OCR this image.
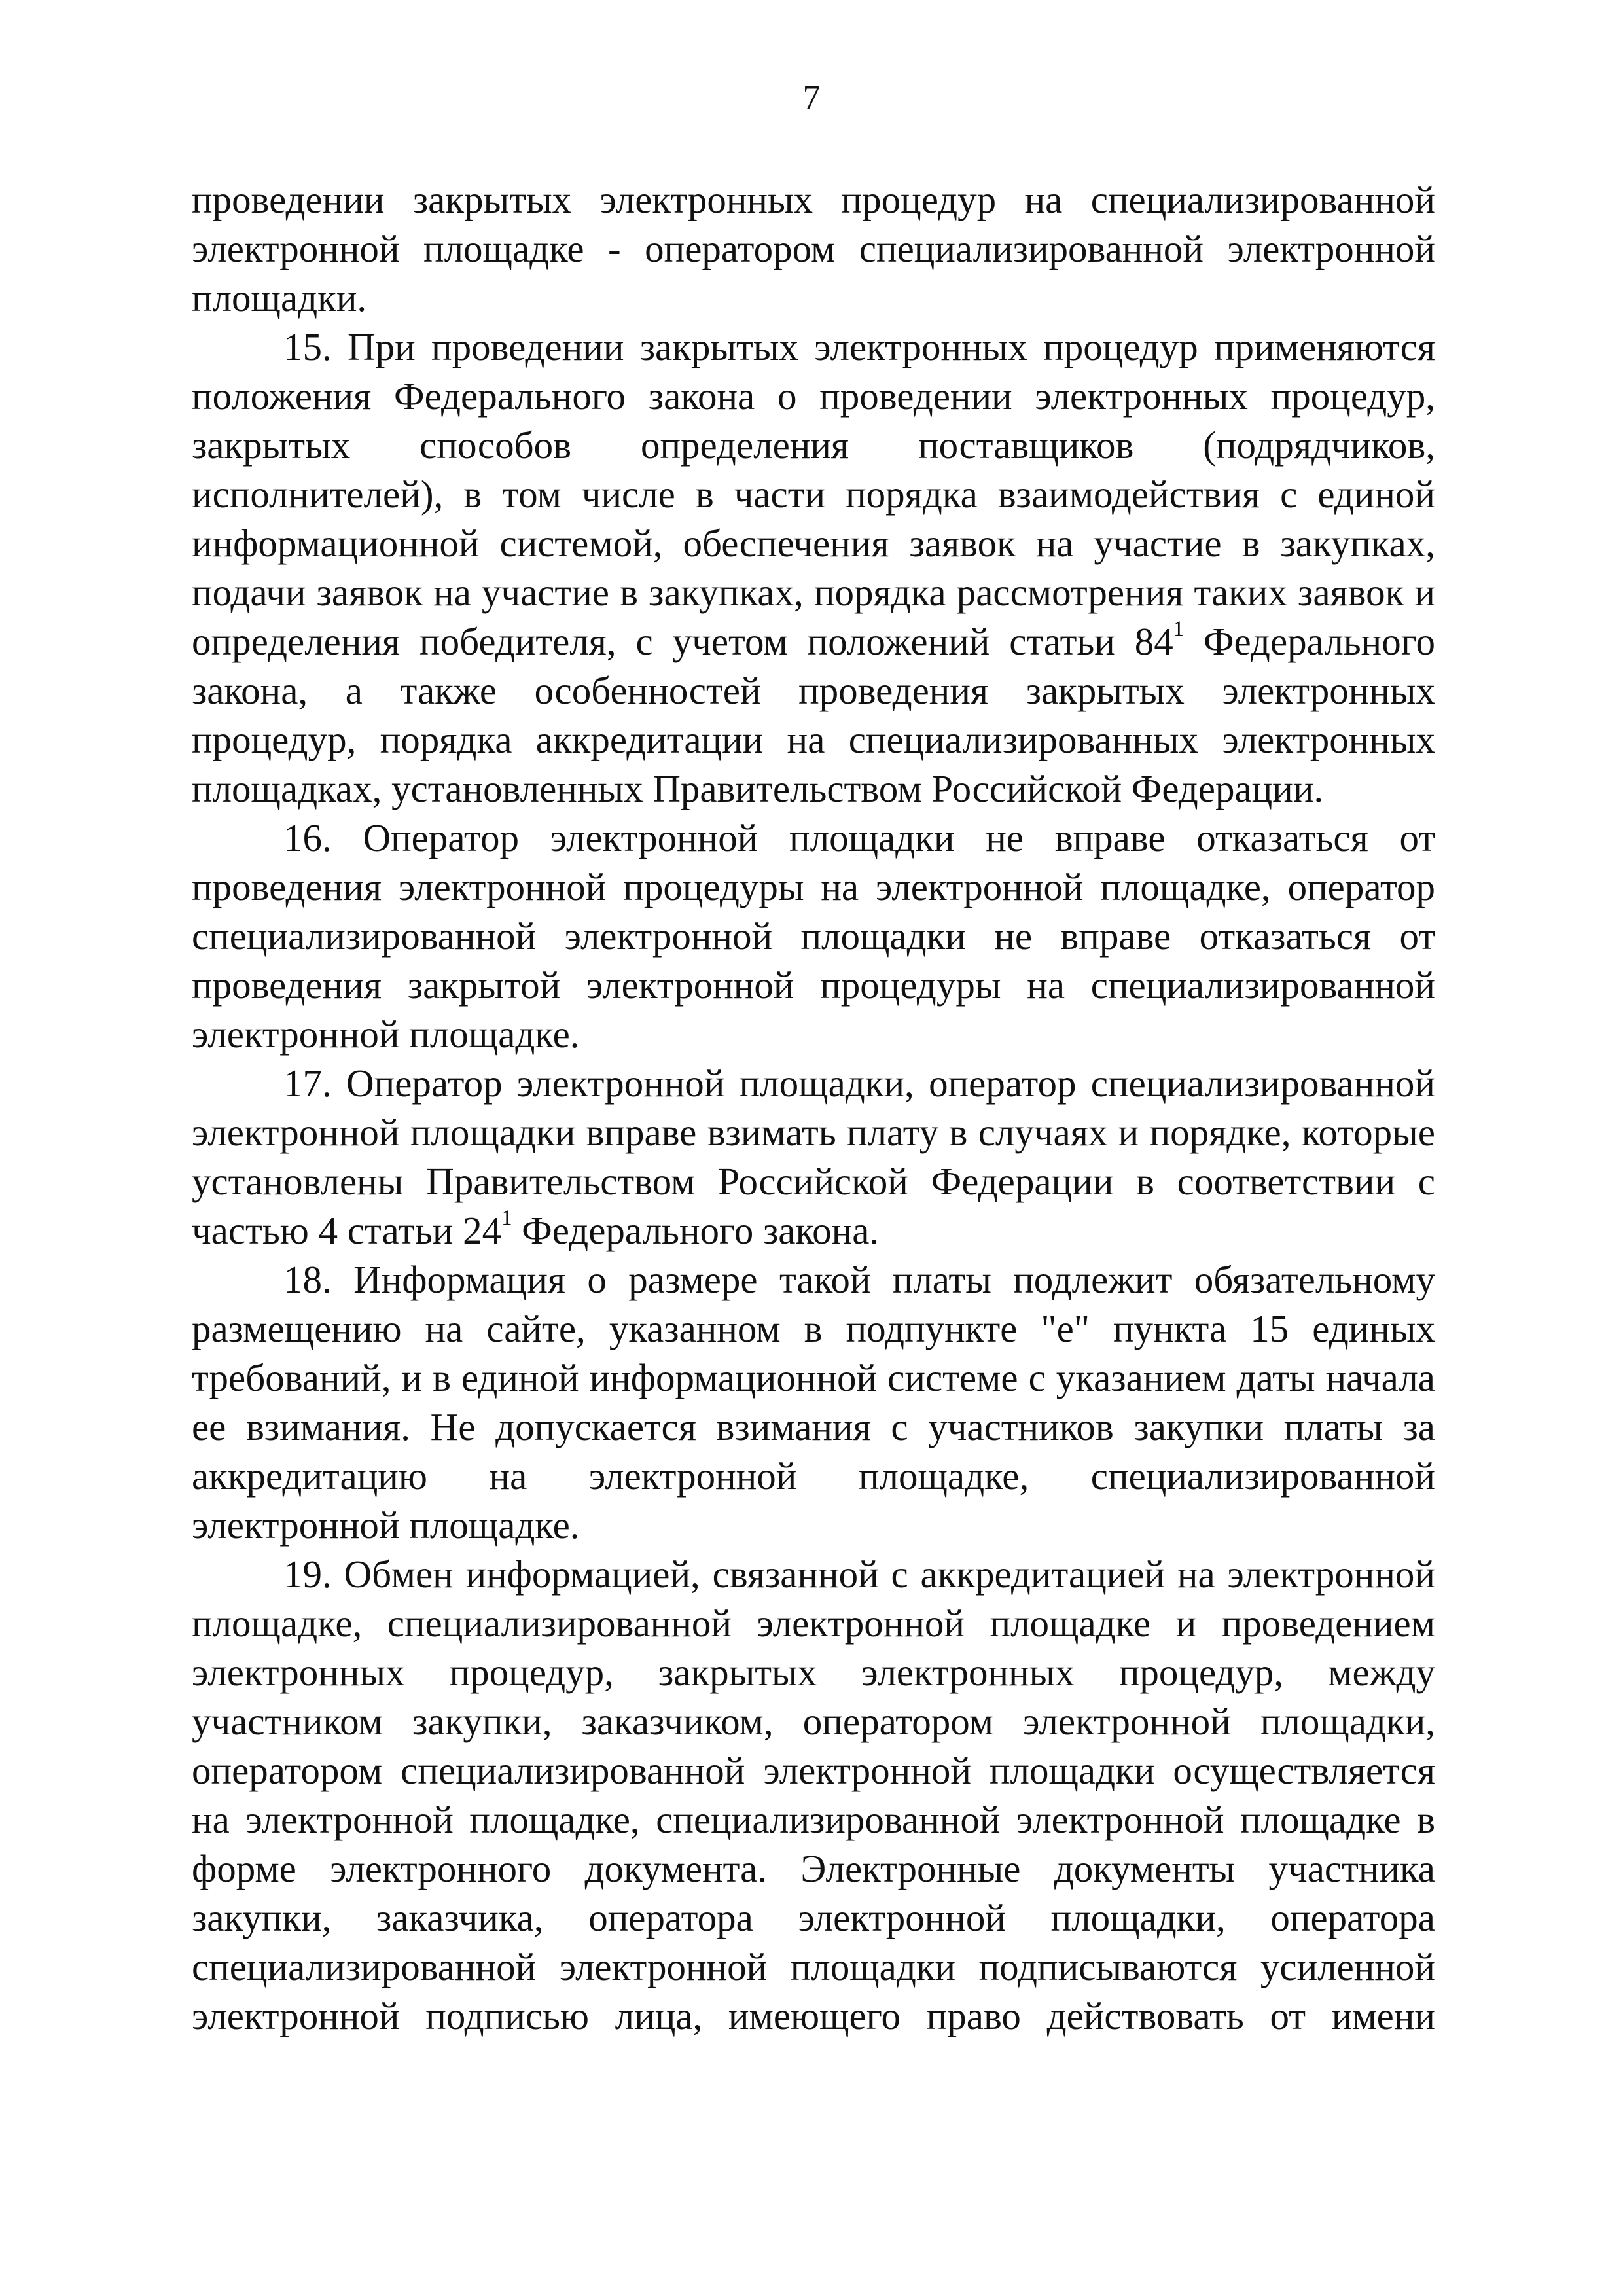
7
проведении закрытых электронных процедур на специализированной
электронной площадке - оператором специализированной электронной
площадки.
15. При проведении закрытых электронных процедур применяются
положения Федерального закона о проведении электронных процедур,
закрытых способов определения поставщиков (подрядчиков,
исполнителей), в том числе в части порядка взаимодействия с единой
информационной системой, обеспечения заявок на участие в закупках,
подачи заявок на участие в закупках, порядка рассмотрения таких заявок и
определения победителя, с учетом положений статьи $84^1$ Федерального
закона, а также особенностей проведения закрытых электронных
процедур, порядка аккредитации на специализированных электронных
площадках, установленных Правительством Российской Федерации.
16. Оператор электронной площадки не вправе отказаться от
проведения электронной процедуры на электронной площадке, оператор
специализированной электронной площадки не вправе отказаться от
проведения закрытой электронной процедуры на специализированной
электронной площадке.
17. Оператор электронной площадки, оператор специализированной
электронной площадки вправе взимать плату в случаях и порядке, которые
установлены Правительством Российской Федерации в соответствии с
частью 4 статьи $24^1$ Федерального закона.
18. Информация о размере такой платы подлежит обязательному
размещению на сайте, указанном в подпункте "е" пункта 15 единых
требований, и в единой информационной системе с указанием даты начала
ее взимания. Не допускается взимания с участников закупки платы за
аккредитацию на электронной площадке, специализированной
электронной площадке.
19. Обмен информацией, связанной с аккредитацией на электронной
площадке, специализированной электронной площадке и проведением
электронных процедур, закрытых электронных процедур, между
участником закупки, заказчиком, оператором электронной площадки,
оператором специализированной электронной площадки осуществляется
на электронной площадке, специализированной электронной площадке в
форме электронного документа. Электронные документы участника
закупки, заказчика, оператора электронной площадки, оператора
специализированной электронной площадки подписываются усиленной
электронной подписью лица, имеющего право действовать от имени
